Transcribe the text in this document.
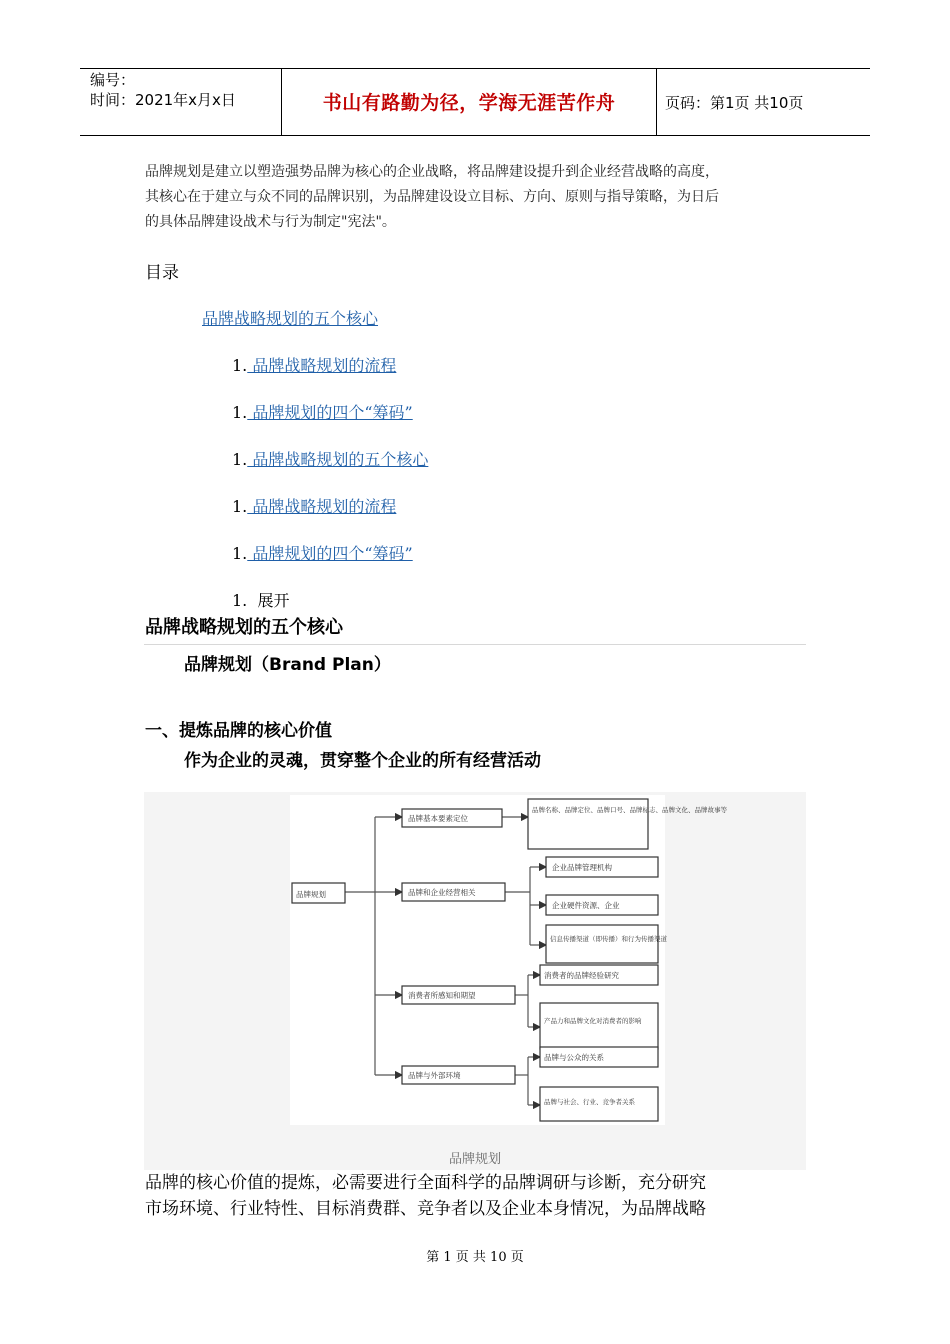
编号：
时间：2021年x月x日	书山有路勤为径，学海无涯苦作舟	页码：第1页 共10页
品牌规划是建立以塑造强势品牌为核心的企业战略，将品牌建设提升到企业经营战略的高度，
其核心在于建立与众不同的品牌识别，为品牌建设设立目标、方向、原则与指导策略，为日后
的具体品牌建设战术与行为制定"宪法"。
目录
品牌战略规划的五个核心
1. 品牌战略规划的流程
1. 品牌规划的四个“筹码”
1. 品牌战略规划的五个核心
1. 品牌战略规划的流程
1. 品牌规划的四个“筹码”
1. 展开
品牌战略规划的五个核心
品牌规划（Brand Plan）
一、提炼品牌的核心价值
作为企业的灵魂，贯穿整个企业的所有经营活动
品牌规划
品牌基本要素定位
品牌和企业经营相关
消费者所感知和期望
品牌与外部环境
品牌名称、品牌定位、品牌口号、品牌标志、品牌文化、品牌故事等
企业品牌管理机构
企业硬件资源、企业
信息传播渠道（即传播）和行为传播渠道
消费者的品牌经验研究
产品力和品牌文化对消费者的影响
品牌与公众的关系
品牌与社会、行业、竞争者关系
品牌规划
品牌的核心价值的提炼，必需要进行全面科学的品牌调研与诊断，充分研究
市场环境、行业特性、目标消费群、竞争者以及企业本身情况，为品牌战略
第 1 页 共 10 页
